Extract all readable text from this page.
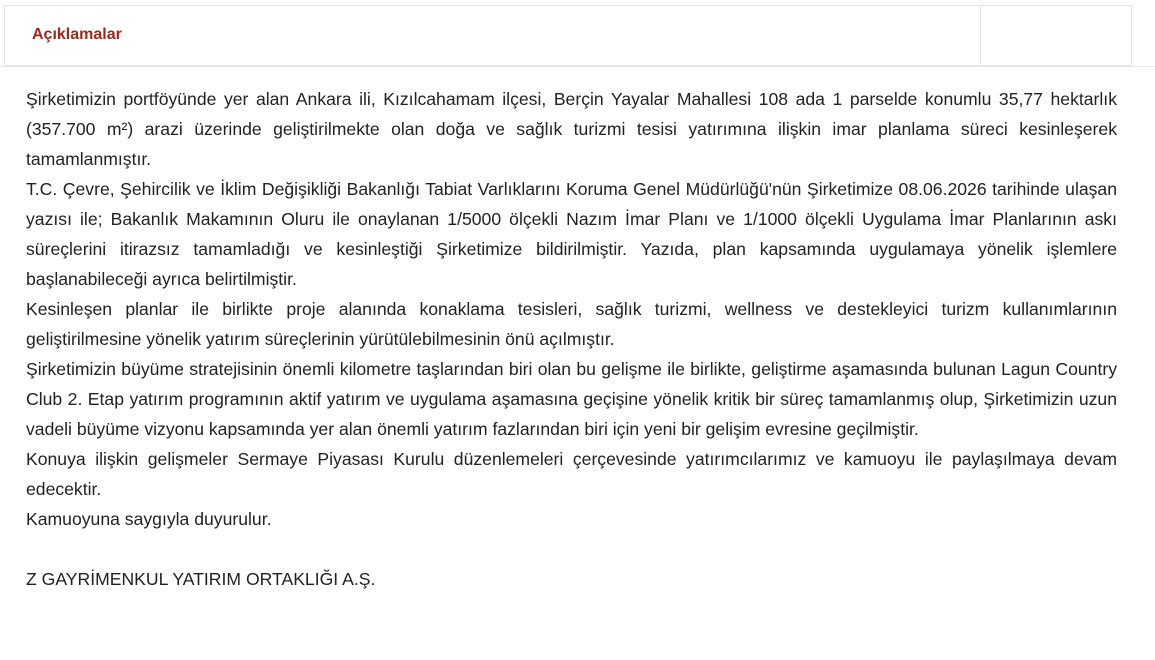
Açıklamalar

Şirketimizin portföyünde yer alan Ankara ili, Kızılcahamam ilçesi, Berçin Yayalar Mahallesi 108 ada 1 parselde konumlu 35,77 hektarlık (357.700 m²) arazi üzerinde geliştirilmekte olan doğa ve sağlık turizmi tesisi yatırımına ilişkin imar planlama süreci kesinleşerek tamamlanmıştır.

T.C. Çevre, Şehircilik ve İklim Değişikliği Bakanlığı Tabiat Varlıklarını Koruma Genel Müdürlüğü'nün Şirketimize 08.06.2026 tarihinde ulaşan yazısı ile; Bakanlık Makamının Oluru ile onaylanan 1/5000 ölçekli Nazım İmar Planı ve 1/1000 ölçekli Uygulama İmar Planlarının askı süreçlerini itirazsız tamamladığı ve kesinleştiği Şirketimize bildirilmiştir. Yazıda, plan kapsamında uygulamaya yönelik işlemlere başlanabileceği ayrıca belirtilmiştir.

Kesinleşen planlar ile birlikte proje alanında konaklama tesisleri, sağlık turizmi, wellness ve destekleyici turizm kullanımlarının geliştirilmesine yönelik yatırım süreçlerinin yürütülebilmesinin önü açılmıştır.

Şirketimizin büyüme stratejisinin önemli kilometre taşlarından biri olan bu gelişme ile birlikte, geliştirme aşamasında bulunan Lagun Country Club 2. Etap yatırım programının aktif yatırım ve uygulama aşamasına geçişine yönelik kritik bir süreç tamamlanmış olup, Şirketimizin uzun vadeli büyüme vizyonu kapsamında yer alan önemli yatırım fazlarından biri için yeni bir gelişim evresine geçilmiştir.

Konuya ilişkin gelişmeler Sermaye Piyasası Kurulu düzenlemeleri çerçevesinde yatırımcılarımız ve kamuoyu ile paylaşılmaya devam edecektir.

Kamuoyuna saygıyla duyurulur.

Z GAYRİMENKUL YATIRIM ORTAKLIĞI A.Ş.
